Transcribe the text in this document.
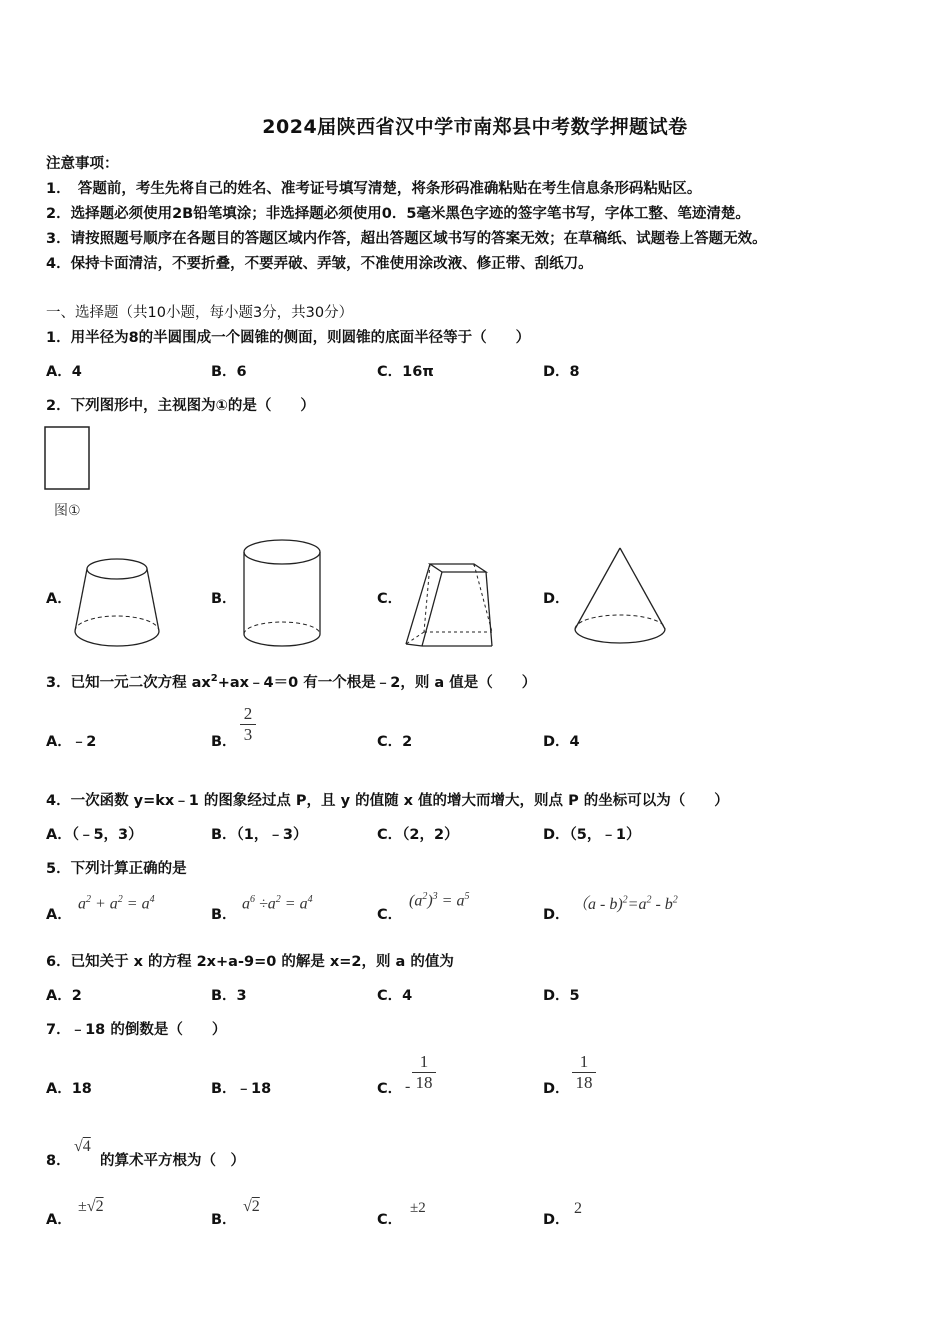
2024届陕西省汉中学市南郑县中考数学押题试卷
注意事项：
1．　答题前，考生先将自己的姓名、准考证号填写清楚，将条形码准确粘贴在考生信息条形码粘贴区。
2．选择题必须使用2B铅笔填涂；非选择题必须使用0．5毫米黑色字迹的签字笔书写，字体工整、笔迹清楚。
3．请按照题号顺序在各题目的答题区域内作答，超出答题区域书写的答案无效；在草稿纸、试题卷上答题无效。
4．保持卡面清洁，不要折叠，不要弄破、弄皱，不准使用涂改液、修正带、刮纸刀。
一、选择题（共10小题，每小题3分，共30分）
1．用半径为8的半圆围成一个圆锥的侧面，则圆锥的底面半径等于（　　）
A．4	B．6	C．16π	D．8
2．下列图形中，主视图为①的是（　　）
图①
A．	B．	C．	D．
3．已知一元二次方程 $ax^2+ax﹣4=0$ 有一个根是﹣2，则 a 值是（　　）
A．﹣2	B．
2
3	C．2	D．4
4．一次函数 y=kx﹣1 的图象经过点 P，且 y 的值随 x 值的增大而增大，则点 P 的坐标可以为（　　）
A．（﹣5，3）	B．（1，﹣3）	C．（2，2）	D．（5，﹣1）
5．下列计算正确的是
A．
$a^2 + a^2 = a^4$
B．
$a^6 \div a^2 = a^4$
C．
$(a^2)^3 = a^5$
D．
$(a - b)^2=a^2 - b^2$
6．已知关于 x 的方程 2x+a-9=0 的解是 x=2，则 a 的值为
A．2	B．3	C．4	D．5
7．﹣18 的倒数是（　　）
A．18	B．﹣18	C． -
1
18	D．
1
18
8．
√4
的算术平方根为（　）
A．
±√2
B．
√2
C．
±2
D．
2
